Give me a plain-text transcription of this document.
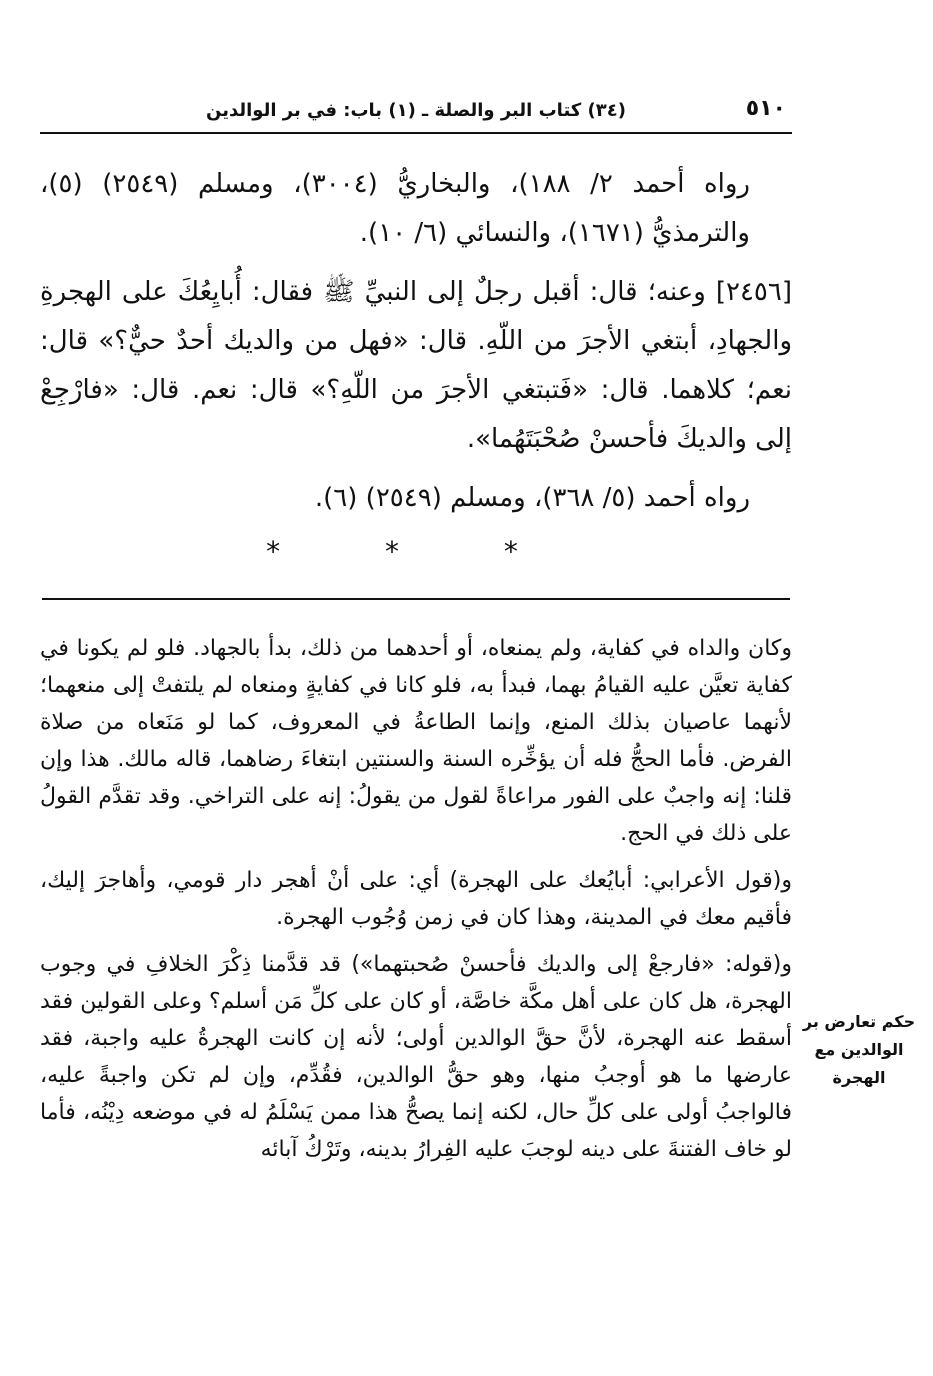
٥١٠
(٣٤) كتاب البر والصلة ـ (١) باب: في بر الوالدين

رواه أحمد ٢/ ١٨٨)، والبخاريُّ (٣٠٠٤)، ومسلم (٢٥٤٩) (٥)، والترمذيُّ (١٦٧١)، والنسائي (٦/ ١٠).

[٢٤٥٦] وعنه؛ قال: أقبل رجلٌ إلى النبيِّ ﷺ فقال: أُبايِعُكَ على الهجرةِ والجهادِ، أبتغي الأجرَ من اللّهِ. قال: «فهل من والديك أحدٌ حيٌّ؟» قال: نعم؛ كلاهما. قال: «فَتبتغي الأجرَ من اللّهِ؟» قال: نعم. قال: «فارْجِعْ إلى والديكَ فأحسنْ صُحْبَتَهُما».

رواه أحمد (٥/ ٣٦٨)، ومسلم (٢٥٤٩) (٦).

* * *

وكان والداه في كفاية، ولم يمنعاه، أو أحدهما من ذلك، بدأ بالجهاد. فلو لم يكونا في كفاية تعيَّن عليه القيامُ بهما، فبدأ به، فلو كانا في كفايةٍ ومنعاه لم يلتفتْ إلى منعهما؛ لأنهما عاصيان بذلك المنع، وإنما الطاعةُ في المعروف، كما لو مَنَعاه من صلاة الفرض. فأما الحجُّ فله أن يؤخِّره السنة والسنتين ابتغاءَ رضاهما، قاله مالك. هذا وإن قلنا: إنه واجبٌ على الفور مراعاةً لقول من يقولُ: إنه على التراخي. وقد تقدَّم القولُ على ذلك في الحج.

و(قول الأعرابي: أبايُعك على الهجرة) أي: على أنْ أهجر دار قومي، وأهاجرَ إليك، فأقيم معك في المدينة، وهذا كان في زمن وُجُوب الهجرة.

و(قوله: «فارجعْ إلى والديك فأحسنْ صُحبتهما») قد قدَّمنا ذِكْرَ الخلافِ في وجوب الهجرة، هل كان على أهل مكَّة خاصَّة، أو كان على كلِّ مَن أسلم؟ وعلى القولين فقد أسقط عنه الهجرة، لأنَّ حقَّ الوالدين أولى؛ لأنه إن كانت الهجرةُ عليه واجبة، فقد عارضها ما هو أوجبُ منها، وهو حقُّ الوالدين، فقُدِّم، وإن لم تكن واجبةً عليه، فالواجبُ أولى على كلِّ حال، لكنه إنما يصحُّ هذا ممن يَسْلَمُ له في موضعه دِيْنُه، فأما لو خاف الفتنةَ على دينه لوجبَ عليه الفِرارُ بدينه، وتَرْكُ آبائه

حكم تعارض بر الوالدين مع الهجرة
